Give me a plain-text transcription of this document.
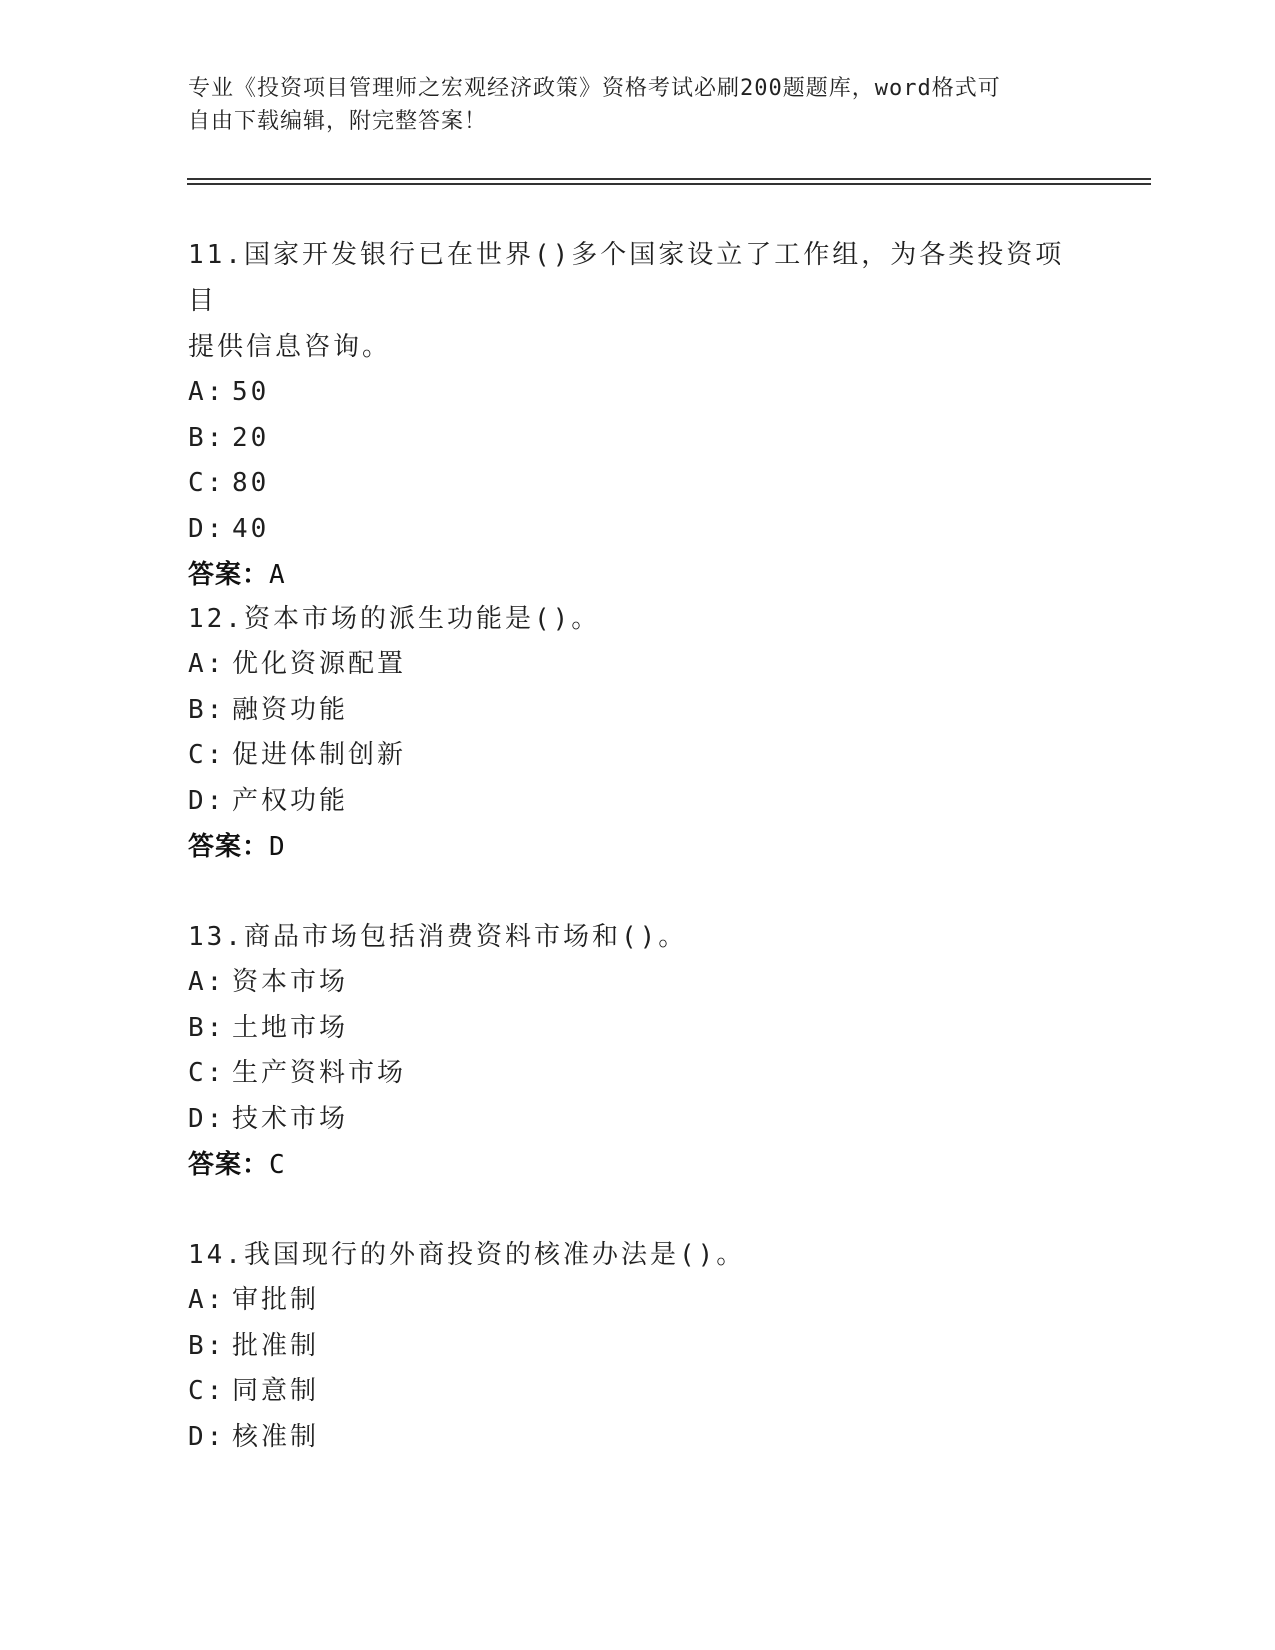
专业《投资项目管理师之宏观经济政策》资格考试必刷200题题库，word格式可
自由下载编辑，附完整答案！

11.国家开发银行已在世界()多个国家设立了工作组，为各类投资项目
提供信息咨询。

A: 50

B: 20

C: 80

D: 40

答案：A

12.资本市场的派生功能是()。

A: 优化资源配置

B: 融资功能

C: 促进体制创新

D: 产权功能

答案：D

13.商品市场包括消费资料市场和()。

A: 资本市场

B: 土地市场

C: 生产资料市场

D: 技术市场

答案：C

14.我国现行的外商投资的核准办法是()。

A: 审批制

B: 批准制

C: 同意制

D: 核准制
